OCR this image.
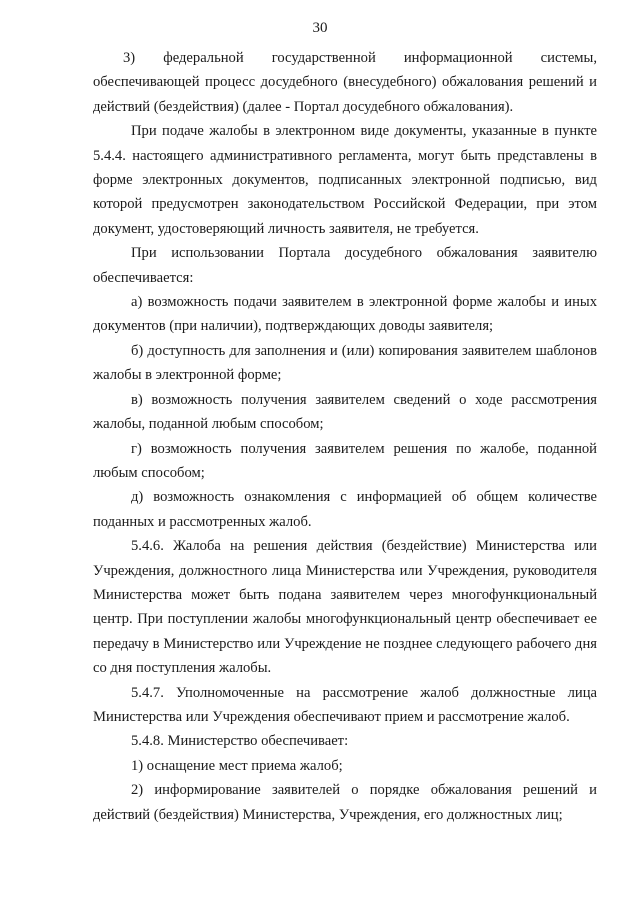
30

3) федеральной государственной информационной системы, обеспечивающей процесс досудебного (внесудебного) обжалования решений и действий (бездействия) (далее - Портал досудебного обжалования).

При подаче жалобы в электронном виде документы, указанные в пункте 5.4.4. настоящего административного регламента, могут быть представлены в форме электронных документов, подписанных электронной подписью, вид которой предусмотрен законодательством Российской Федерации, при этом документ, удостоверяющий личность заявителя, не требуется.

При использовании Портала досудебного обжалования заявителю обеспечивается:

а) возможность подачи заявителем в электронной форме жалобы и иных документов (при наличии), подтверждающих доводы заявителя;

б) доступность для заполнения и (или) копирования заявителем шаблонов жалобы в электронной форме;

в) возможность получения заявителем сведений о ходе рассмотрения жалобы, поданной любым способом;

г) возможность получения заявителем решения по жалобе, поданной любым способом;

д) возможность ознакомления с информацией об общем количестве поданных и рассмотренных жалоб.

5.4.6. Жалоба на решения действия (бездействие) Министерства или Учреждения, должностного лица Министерства или Учреждения, руководителя Министерства может быть подана заявителем через многофункциональный центр. При поступлении жалобы многофункциональный центр обеспечивает ее передачу в Министерство или Учреждение не позднее следующего рабочего дня со дня поступления жалобы.

5.4.7. Уполномоченные на рассмотрение жалоб должностные лица Министерства или Учреждения обеспечивают прием и рассмотрение жалоб.

5.4.8. Министерство обеспечивает:

1) оснащение мест приема жалоб;

2) информирование заявителей о порядке обжалования решений и действий (бездействия) Министерства, Учреждения, его должностных лиц;
